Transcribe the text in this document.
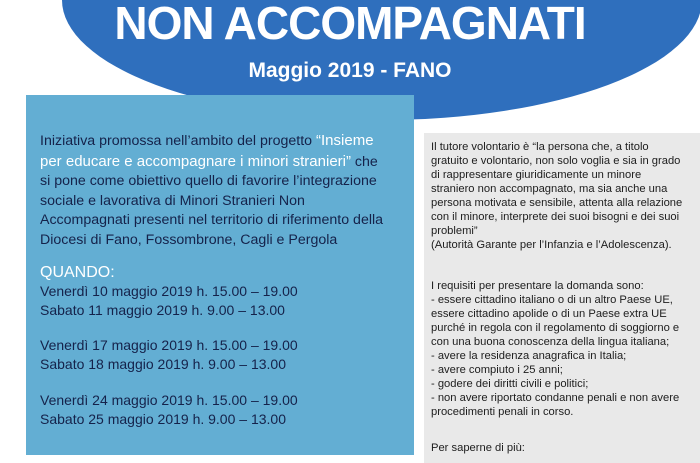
NON ACCOMPAGNATI
Maggio 2019 - FANO
Iniziativa promossa nell’ambito del progetto “Insieme per educare e accompagnare i minori stranieri” che si pone come obiettivo quello di favorire l’integrazione sociale e lavorativa di Minori Stranieri Non Accompagnati presenti nel territorio di riferimento della Diocesi di Fano, Fossombrone, Cagli e Pergola
QUANDO:
Venerdì 10 maggio 2019 h. 15.00 – 19.00
Sabato 11 maggio 2019 h. 9.00 – 13.00
Venerdì 17 maggio 2019 h. 15.00 – 19.00
Sabato 18 maggio 2019 h. 9.00 – 13.00
Venerdì 24 maggio 2019 h. 15.00 – 19.00
Sabato 25 maggio 2019 h. 9.00 – 13.00
Il tutore volontario è “la persona che, a titolo
gratuito e volontario, non solo voglia e sia in grado
di rappresentare giuridicamente un minore
straniero non accompagnato, ma sia anche una
persona motivata e sensibile, attenta alla relazione
con il minore, interprete dei suoi bisogni e dei suoi
problemi”
(Autorità Garante per l’Infanzia e l’Adolescenza).
I requisiti per presentare la domanda sono:
- essere cittadino italiano o di un altro Paese UE,
essere cittadino apolide o di un Paese extra UE
purché in regola con il regolamento di soggiorno e
con una buona conoscenza della lingua italiana;
- avere la residenza anagrafica in Italia;
- avere compiuto i 25 anni;
- godere dei diritti civili e politici;
- non avere riportato condanne penali e non avere
procedimenti penali in corso.
Per saperne di più:
